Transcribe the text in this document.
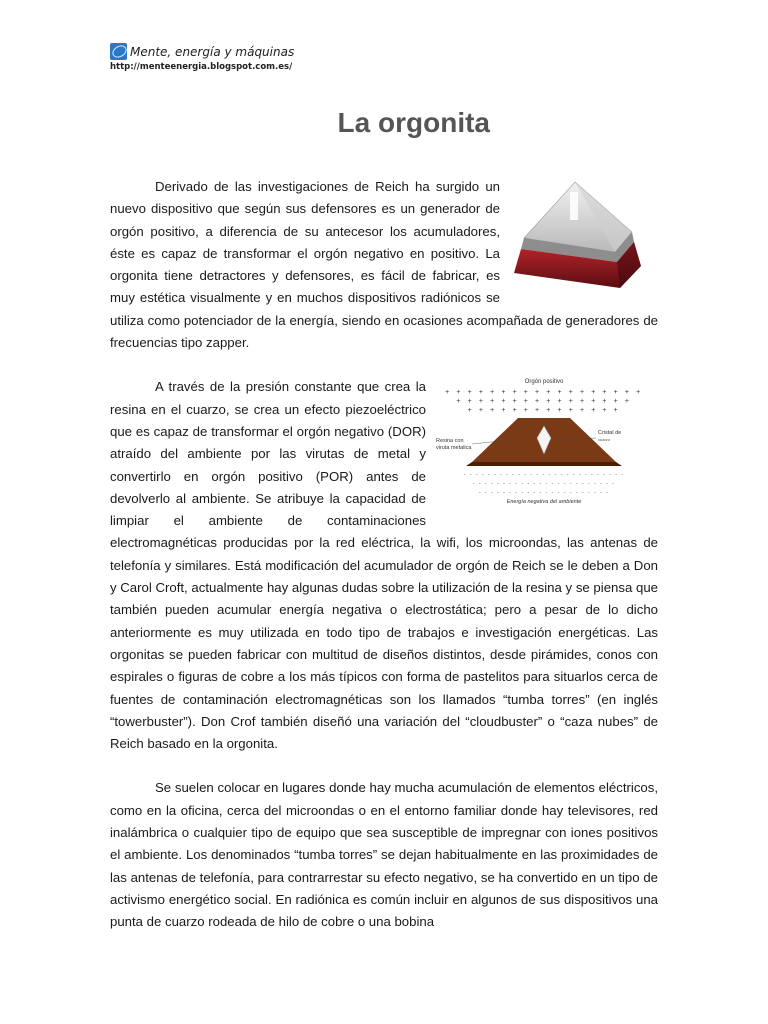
Mente, energía y máquinas
http://menteenergia.blogspot.com.es/
La orgonita

Derivado de las investigaciones de Reich ha surgido un nuevo dispositivo que según sus defensores es un generador de orgón positivo, a diferencia de su antecesor los acumuladores, éste es capaz de transformar el orgón negativo en positivo. La orgonita tiene detractores y defensores, es fácil de fabricar, es muy estética visualmente y en muchos dispositivos radiónicos se utiliza como potenciador de la energía, siendo en ocasiones acompañada de generadores de frecuencias tipo zapper.

Orgón positivo
+ + + + + + + + + + + + + + + + + +
+ + + + + + + + + + + + + + + +
+ + + + + + + + + + + + + +
Resina con
viruta metalica
Cristal de
cuarzo
- - - - - - - - - - - - - - - - - - - - - - - - - - -
- - - - - - - - - - - - - - - - - - - - - - - -
- - - - - - - - - - - - - - - - - - - - - -
Energía negativa del ambiente

A través de la presión constante que crea la resina en el cuarzo, se crea un efecto piezoeléctrico que es capaz de transformar el orgón negativo (DOR) atraído del ambiente por las virutas de metal y convertirlo en orgón positivo (POR) antes de devolverlo al ambiente. Se atribuye la capacidad de limpiar el ambiente de contaminaciones electromagnéticas producidas por la red eléctrica, la wifi, los microondas, las antenas de telefonía y similares. Está modificación del acumulador de orgón de Reich se le deben a Don y Carol Croft, actualmente hay algunas dudas sobre la utilización de la resina y se piensa que también pueden acumular energía negativa o electrostática; pero a pesar de lo dicho anteriormente es muy utilizada en todo tipo de trabajos e investigación energéticas. Las orgonitas se pueden fabricar con multitud de diseños distintos, desde pirámides, conos con espirales o figuras de cobre a los más típicos con forma de pastelitos para situarlos cerca de fuentes de contaminación electromagnéticas son los llamados “tumba torres” (en inglés “towerbuster”). Don Crof también diseñó una variación del “cloudbuster” o “caza nubes” de Reich basado en la orgonita.

Se suelen colocar en lugares donde hay mucha acumulación de elementos eléctricos, como en la oficina, cerca del microondas o en el entorno familiar donde hay televisores, red inalámbrica o cualquier tipo de equipo que sea susceptible de impregnar con iones positivos el ambiente. Los denominados “tumba torres” se dejan habitualmente en las proximidades de las antenas de telefonía, para contrarrestar su efecto negativo, se ha convertido en un tipo de activismo energético social. En radiónica es común incluir en algunos de sus dispositivos una punta de cuarzo rodeada de hilo de cobre o una bobina
